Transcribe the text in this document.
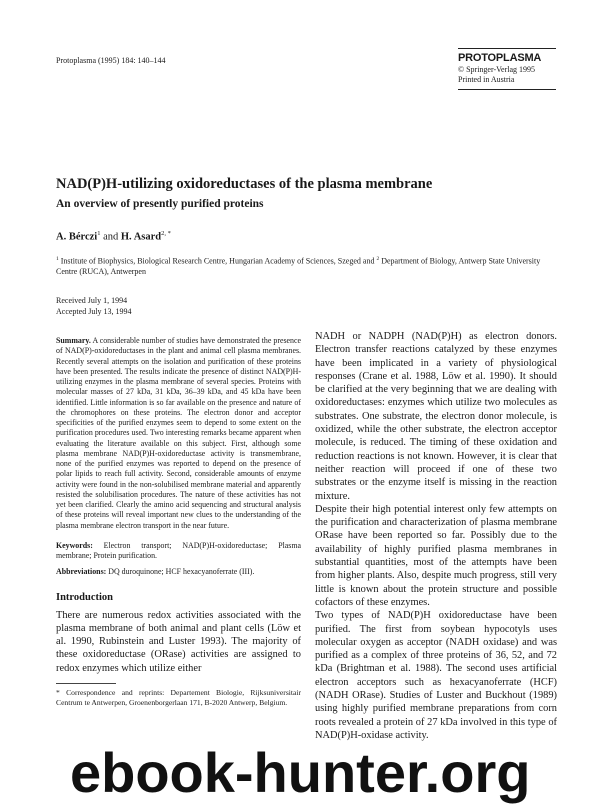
Protoplasma (1995) 184: 140–144	PROTOPLASMA
© Springer-Verlag 1995
Printed in Austria
NAD(P)H-utilizing oxidoreductases of the plasma membrane
An overview of presently purified proteins
A. Bérczi$^1$ and H. Asard$^{2, *}$
$^1$ Institute of Biophysics, Biological Research Centre, Hungarian Academy of Sciences, Szeged and $^2$ Department of Biology, Antwerp State University Centre (RUCA), Antwerpen
Received July 1, 1994
Accepted July 13, 1994

Summary. A considerable number of studies have demonstrated the presence of NAD(P)-oxidoreductases in the plant and animal cell plasma membranes. Recently several attempts on the isolation and purification of these proteins have been presented. The results indicate the presence of distinct NAD(P)H-utilizing enzymes in the plasma membrane of several species. Proteins with molecular masses of 27 kDa, 31 kDa, 36–39 kDa, and 45 kDa have been identified. Little information is so far available on the presence and nature of the chromophores on these proteins. The electron donor and acceptor specificities of the purified enzymes seem to depend to some extent on the purification procedures used. Two interesting remarks became apparent when evaluating the literature available on this subject. First, although some plasma membrane NAD(P)H-oxidoreductase activity is transmembrane, none of the purified enzymes was reported to depend on the presence of polar lipids to reach full activity. Second, considerable amounts of enzyme activity were found in the non-solubilised membrane material and apparently resisted the solubilisation procedures. The nature of these activities has not yet been clarified. Clearly the amino acid sequencing and structural analysis of these proteins will reveal important new clues to the understanding of the plasma membrane electron transport in the near future.

Keywords: Electron transport; NAD(P)H-oxidoreductase; Plasma membrane; Protein purification.

Abbreviations: DQ duroquinone; HCF hexacyanoferrate (III).

Introduction

There are numerous redox activities associated with the plasma membrane of both animal and plant cells (Löw et al. 1990, Rubinstein and Luster 1993). The majority of these oxidoreductase (ORase) activities are assigned to redox enzymes which utilize either

* Correspondence and reprints: Departement Biologie, Rijksuniversitair Centrum te Antwerpen, Groenenborgerlaan 171, B-2020 Antwerp, Belgium.

NADH or NADPH (NAD(P)H) as electron donors. Electron transfer reactions catalyzed by these enzymes have been implicated in a variety of physiological responses (Crane et al. 1988, Löw et al. 1990). It should be clarified at the very beginning that we are dealing with oxidoreductases: enzymes which utilize two molecules as substrates. One substrate, the electron donor molecule, is oxidized, while the other substrate, the electron acceptor molecule, is reduced. The timing of these oxidation and reduction reactions is not known. However, it is clear that neither reaction will proceed if one of these two substrates or the enzyme itself is missing in the reaction mixture.

Despite their high potential interest only few attempts on the purification and characterization of plasma membrane ORase have been reported so far. Possibly due to the availability of highly purified plasma membranes in substantial quantities, most of the attempts have been from higher plants. Also, despite much progress, still very little is known about the protein structure and possible cofactors of these enzymes.

Two types of NAD(P)H oxidoreductase have been purified. The first from soybean hypocotyls uses molecular oxygen as acceptor (NADH oxidase) and was purified as a complex of three proteins of 36, 52, and 72 kDa (Brightman et al. 1988). The second uses artificial electron acceptors such as hexacyanoferrate (HCF) (NADH ORase). Studies of Luster and Buckhout (1989) using highly purified membrane preparations from corn roots revealed a protein of 27 kDa involved in this type of NAD(P)H-oxidase activity.

ebook-hunter.org
